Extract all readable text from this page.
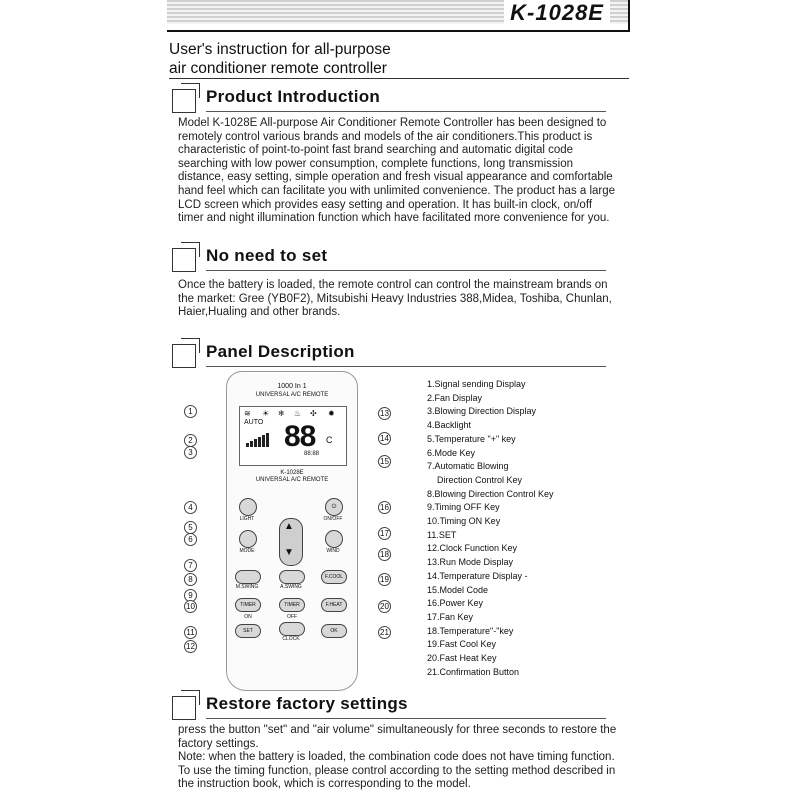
K-1028E
User's instruction for all-purpose
air conditioner remote controller
Product Introduction
Model K-1028E All-purpose Air Conditioner Remote Controller has been designed to remotely control various brands and models of the air conditioners.This product is characteristic of point-to-point fast brand searching and automatic digital code searching with low power consumption, complete functions, long transmission distance, easy setting, simple operation and fresh visual appearance and comfortable hand feel which can facilitate you with unlimited convenience. The product has a large LCD screen which provides easy setting and operation. It has built-in clock, on/off timer and night illumination function which have facilitated more convenience for you.
No need to set
Once the battery is loaded, the remote control can control the mainstream brands on the market: Gree (YB0F2), Mitsubishi Heavy Industries 388,Midea, Toshiba, Chunlan, Haier,Hualing and other brands.
Panel Description
1000 In 1
UNIVERSAL A/C REMOTE
≋ ☀ ❄ ♨ ✣ ✹
AUTO 88 C
88:88
K-1028E
UNIVERSAL A/C REMOTE
LIGHT
⏻
ON/OFF
▲
▼
MODE	WIND
M.SWING	A.SWING
F.COOL
TIMER ON
TIMER OFF
F.HEAT
SET
CLOCK
OK
1
2
3
4
5
6
7
8
9
10
11
12
13
14
15
16
17
18
19
20
21
1.Signal sending Display
2.Fan Display
3.Blowing Direction Display
4.Backlight
5.Temperature "+" key
6.Mode Key
7.Automatic Blowing
Direction Control Key
8.Blowing Direction Control Key
9.Timing OFF Key
10.Timing ON Key
11.SET
12.Clock Function Key
13.Run Mode Display
14.Temperature Display -
15.Model Code
16.Power Key
17.Fan Key
18.Temperature"-"key
19.Fast Cool Key
20.Fast Heat Key
21.Confirmation Button
Restore factory settings
press the button "set" and "air volume" simultaneously for three seconds to restore the factory settings.
Note: when the battery is loaded, the combination code does not have timing function. To use the timing function, please control according to the setting method described in the instruction book, which is corresponding to the model.
